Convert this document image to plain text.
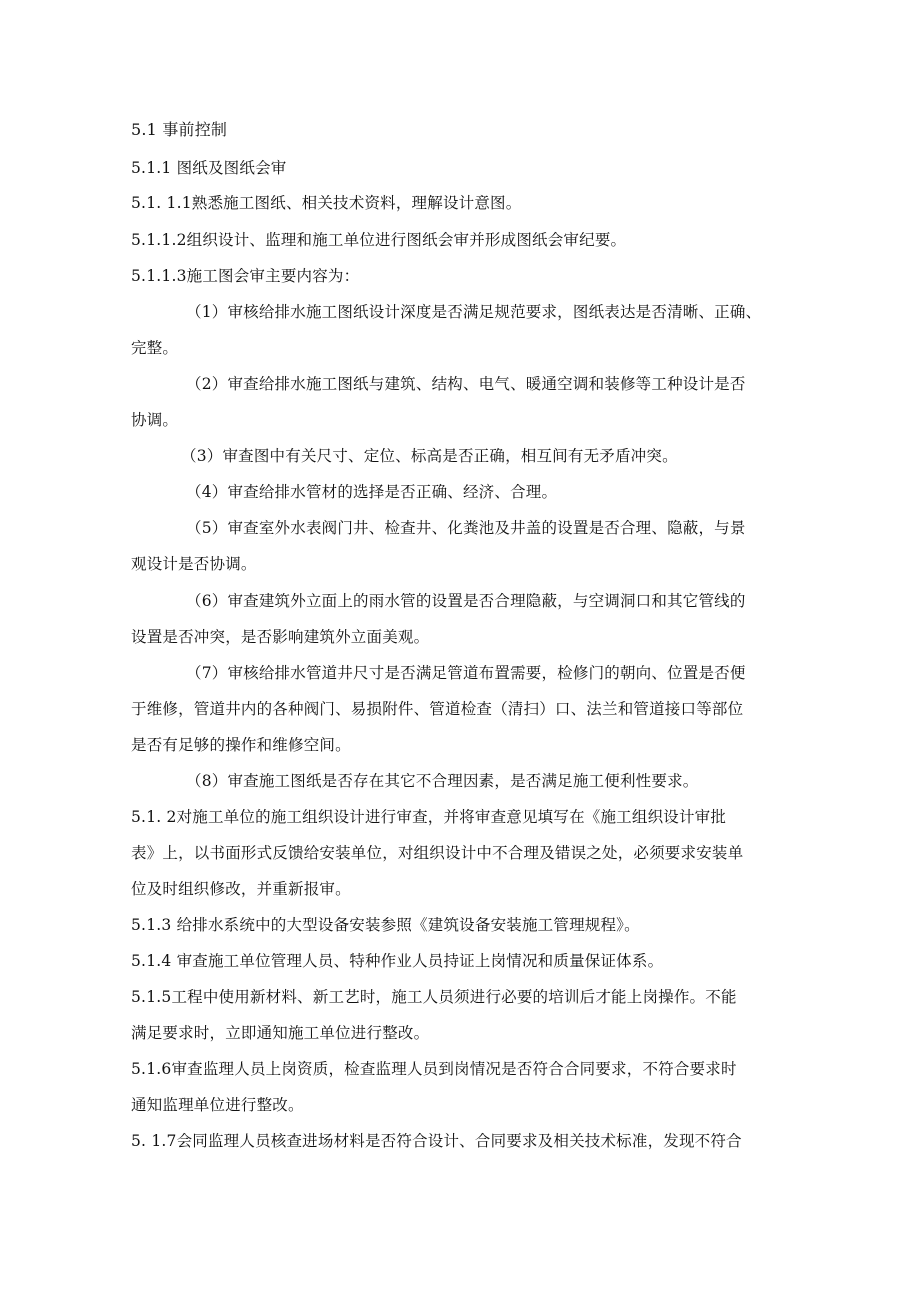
5.1 事前控制
5.1.1 图纸及图纸会审
5.1. 1.1熟悉施工图纸、相关技术资料，理解设计意图。
5.1.1.2组织设计、监理和施工单位进行图纸会审并形成图纸会审纪要。
5.1.1.3施工图会审主要内容为：
（1）审核给排水施工图纸设计深度是否满足规范要求，图纸表达是否清晰、正确、
完整。
（2）审查给排水施工图纸与建筑、结构、电气、暖通空调和装修等工种设计是否
协调。
（3）审查图中有关尺寸、定位、标高是否正确，相互间有无矛盾冲突。
（4）审查给排水管材的选择是否正确、经济、合理。
（5）审查室外水表阀门井、检查井、化粪池及井盖的设置是否合理、隐蔽，与景
观设计是否协调。
（6）审查建筑外立面上的雨水管的设置是否合理隐蔽，与空调洞口和其它管线的
设置是否冲突，是否影响建筑外立面美观。
（7）审核给排水管道井尺寸是否满足管道布置需要，检修门的朝向、位置是否便
于维修，管道井内的各种阀门、易损附件、管道检查（清扫）口、法兰和管道接口等部位
是否有足够的操作和维修空间。
（8）审查施工图纸是否存在其它不合理因素，是否满足施工便利性要求。
5.1. 2对施工单位的施工组织设计进行审查，并将审查意见填写在《施工组织设计审批
表》上，以书面形式反馈给安装单位，对组织设计中不合理及错误之处，必须要求安装单
位及时组织修改，并重新报审。
5.1.3 给排水系统中的大型设备安装参照《建筑设备安装施工管理规程》。
5.1.4 审查施工单位管理人员、特种作业人员持证上岗情况和质量保证体系。
5.1.5工程中使用新材料、新工艺时，施工人员须进行必要的培训后才能上岗操作。不能
满足要求时，立即通知施工单位进行整改。
5.1.6审查监理人员上岗资质，检查监理人员到岗情况是否符合合同要求，不符合要求时
通知监理单位进行整改。
5. 1.7会同监理人员核查进场材料是否符合设计、合同要求及相关技术标准，发现不符合
